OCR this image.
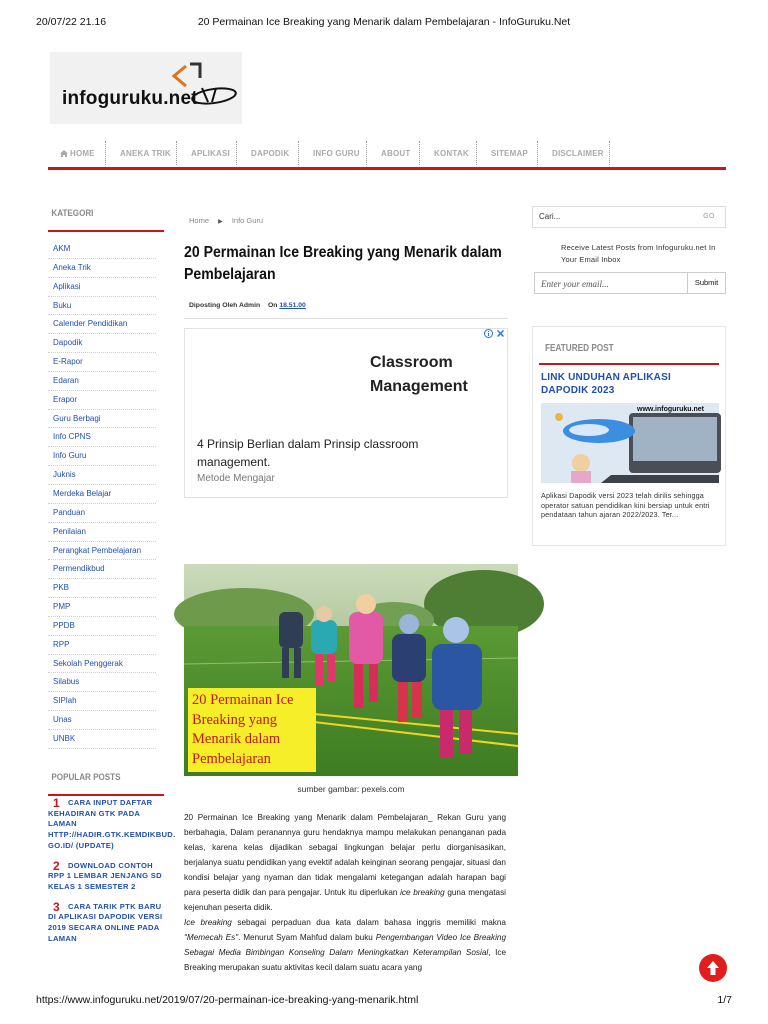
20/07/22 21.16	20 Permainan Ice Breaking yang Menarik dalam Pembelajaran - InfoGuruku.Net
infoguruku.net
HOME	ANEKA TRIK APLIKASI	DAPODIK	INFO GURU	ABOUT	KONTAK	SITEMAP	DISCLAIMER
KATEGORI
AKM
Aneka Trik
Aplikasi
Buku
Calender Pendidikan
Dapodik
E-Rapor
Edaran
Erapor
Guru Berbagi
Info CPNS
Info Guru
Juknis
Merdeka Belajar
Panduan
Penilaian
Perangkat Pembelajaran
Permendikbud
PKB
PMP
PPDB
RPP
Sekolah Penggerak
Silabus
SIPlah
Unas
UNBK
POPULAR POSTS
1	CARA INPUT DAFTAR KEHADIRAN GTK PADA LAMAN HTTP://HADIR.GTK.KEMDIKBUD. GO.ID/ (UPDATE)
2	DOWNLOAD CONTOH RPP 1 LEMBAR JENJANG SD KELAS 1 SEMESTER 2
3	CARA TARIK PTK BARU DI APLIKASI DAPODIK VERSI 2019 SECARA ONLINE PADA LAMAN
Home ▶ Info Guru
20 Permainan Ice Breaking yang Menarik dalam Pembelajaran
Diposting Oleh Admin On 18.51.00

Classroom Management
4 Prinsip Berlian dalam Prinsip classroom management.
Metode Mengajar
20 Permainan Ice Breaking yang Menarik dalam Pembelajaran
sumber gambar: pexels.com

20 Permainan Ice Breaking yang Menarik dalam Pembelajaran_ Rekan Guru yang berbahagia, Dalam peranannya guru hendaknya mampu melakukan penanganan pada kelas, karena kelas dijadikan sebagai lingkungan belajar perlu diorganisasikan, berjalanya suatu pendidikan yang evektif adalah keinginan seorang pengajar, situasi dan kondisi belajar yang nyaman dan tidak mengalami ketegangan adalah harapan bagi para peserta didik dan para pengajar. Untuk itu diperlukan ice breaking guna mengatasi kejenuhan peserta didik.

Ice breaking sebagai perpaduan dua kata dalam bahasa inggris memiliki makna "Memecah Es". Menurut Syam Mahfud dalam buku Pengembangan Video Ice Breaking Sebagai Media Bimbingan Konseling Dalam Meningkatkan Keterampilan Sosial, Ice Breaking merupakan suatu aktivitas kecil dalam suatu acara yang

Cari...	GO
Receive Latest Posts from Infoguruku.net In Your Email Inbox
Enter your email...	Submit
FEATURED POST
LINK UNDUHAN APLIKASI DAPODIK 2023
www.infoguruku.net
Aplikasi Dapodik versi 2023 telah dirilis sehingga operator satuan pendidikan kini bersiap untuk entri pendataan tahun ajaran 2022/2023. Ter...
https://www.infoguruku.net/2019/07/20-permainan-ice-breaking-yang-menarik.html	1/7
